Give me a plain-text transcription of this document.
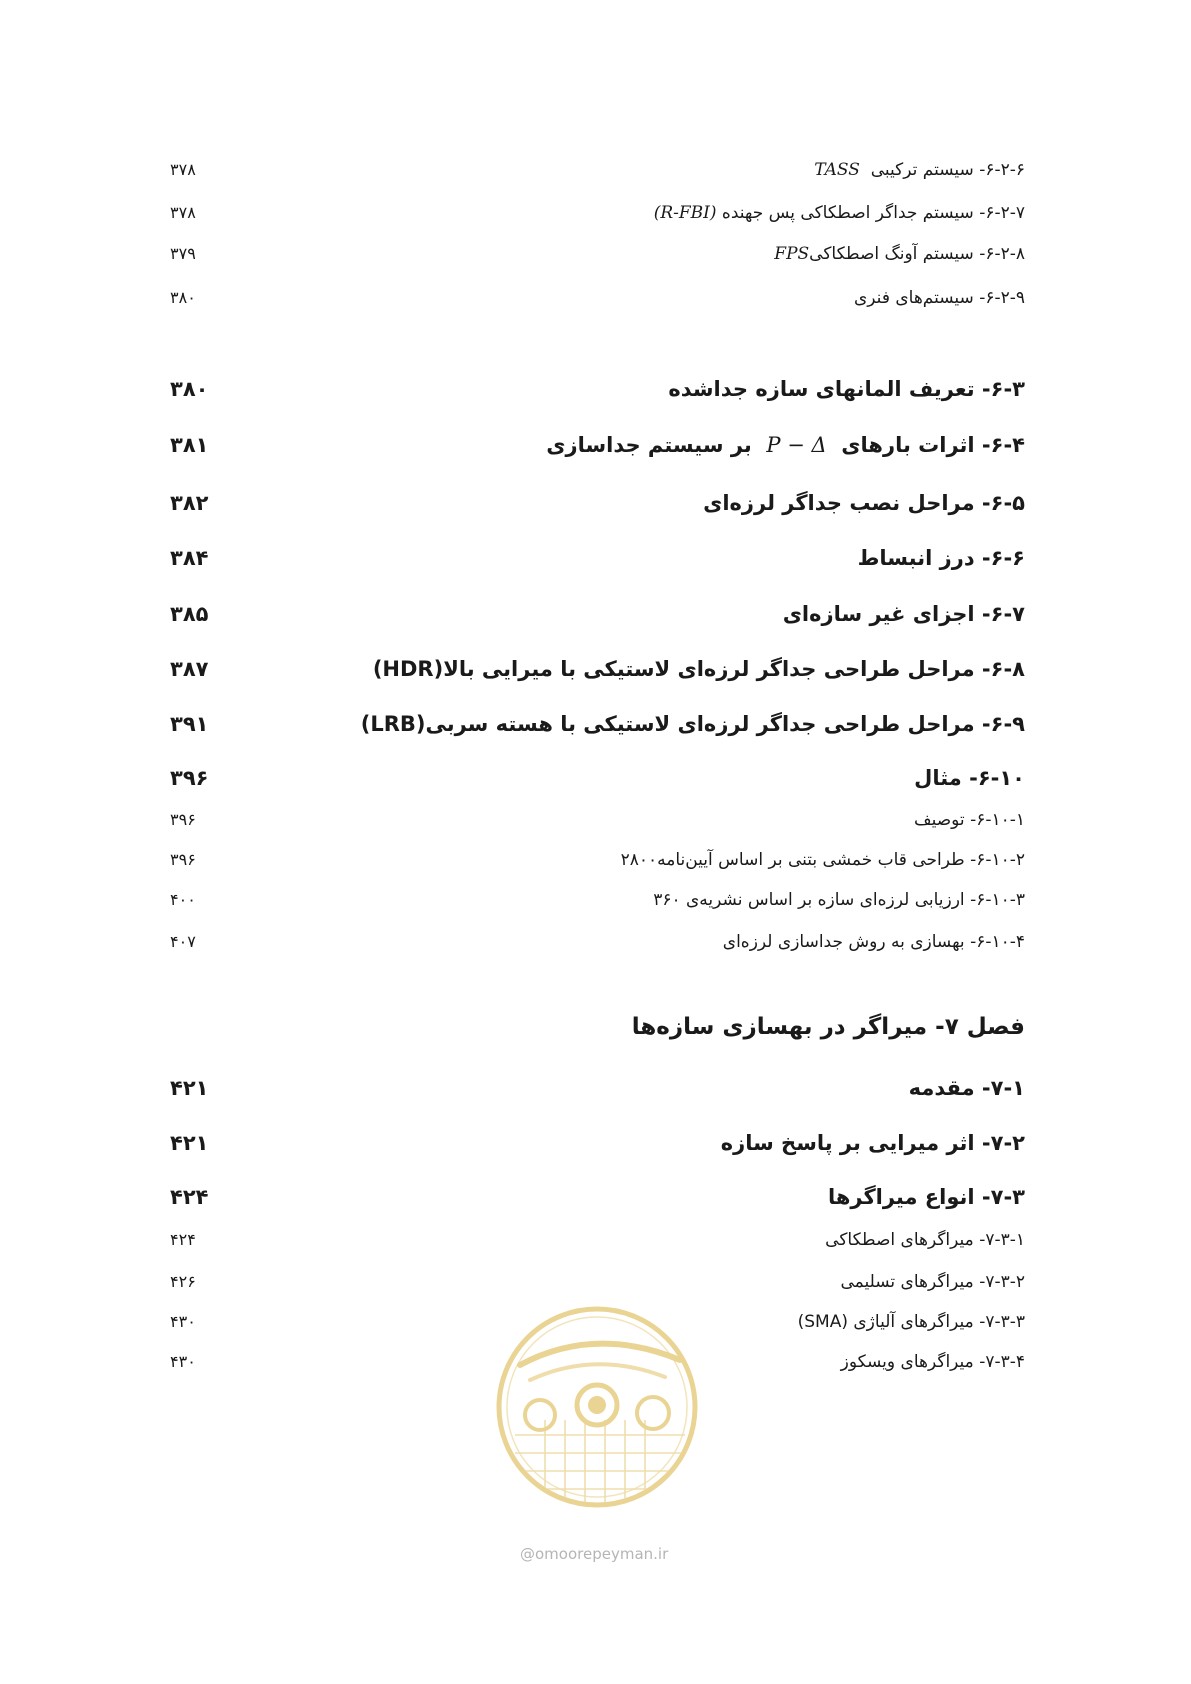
۳۷۸	۶-۲-۶- سیستم ترکیبی  TASS
۳۷۸	۶-۲-۷- سیستم جداگر اصطکاکی پس جهنده (R-FBI)
۳۷۹	۶-۲-۸- سیستم آونگ اصطکاکیFPS
۳۸۰	۶-۲-۹- سیستم‌های فنری
۳۸۰	۶-۳- تعریف المانهای سازه جداشده
۳۸۱	۶-۴- اثرات بارهای  P − Δ  بر سیستم جداسازی
۳۸۲	۶-۵- مراحل نصب جداگر لرزه‌ای
۳۸۴	۶-۶- درز انبساط
۳۸۵	۶-۷- اجزای غیر سازه‌ای
۳۸۷	۶-۸- مراحل طراحی جداگر لرزه‌ای لاستیکی با میرایی بالا(HDR)
۳۹۱	۶-۹- مراحل طراحی جداگر لرزه‌ای لاستیکی با هسته سربی(LRB)
۳۹۶	۶-۱۰- مثال
۳۹۶	۶-۱۰-۱- توصیف
۳۹۶	۶-۱۰-۲- طراحی قاب خمشی بتنی بر اساس آیین‌نامه۲۸۰۰
۴۰۰	۶-۱۰-۳- ارزیابی لرزه‌ای سازه بر اساس نشریه‌ی ۳۶۰
۴۰۷	۶-۱۰-۴- بهسازی به روش جداسازی لرزه‌ای
فصل ۷- میراگر در بهسازی سازه‌ها
۴۲۱	۷-۱- مقدمه
۴۲۱	۷-۲- اثر میرایی بر پاسخ سازه
۴۲۴	۷-۳- انواع میراگرها
۴۲۴	۷-۳-۱- میراگرهای اصطکاکی
۴۲۶	۷-۳-۲- میراگرهای تسلیمی
۴۳۰	۷-۳-۳- میراگرهای آلیاژی (SMA)
۴۳۰	۷-۳-۴- میراگرهای ویسکوز
@omoorepeyman.ir
